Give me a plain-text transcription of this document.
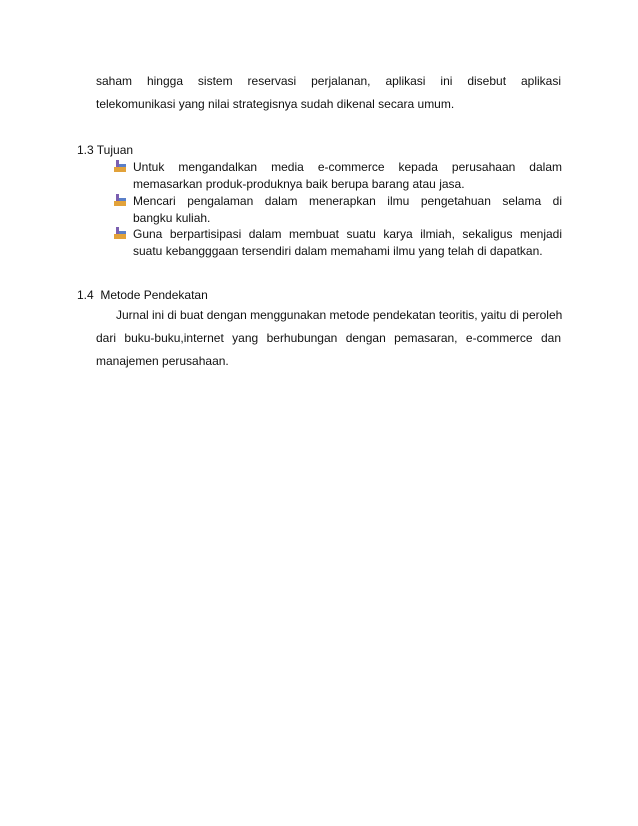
saham hingga sistem reservasi perjalanan, aplikasi ini disebut aplikasi
telekomunikasi yang nilai strategisnya sudah dikenal secara umum.
1.3 Tujuan
Untuk mengandalkan media e-commerce kepada perusahaan dalam
memasarkan produk-produknya baik berupa barang atau jasa.
Mencari pengalaman dalam menerapkan ilmu pengetahuan selama di
bangku kuliah.
Guna berpartisipasi dalam membuat suatu karya ilmiah, sekaligus menjadi
suatu kebangggaan tersendiri dalam memahami ilmu yang telah di dapatkan.
1.4  Metode Pendekatan
Jurnal ini di buat dengan menggunakan metode pendekatan teoritis, yaitu di peroleh
dari buku-buku,internet yang berhubungan dengan pemasaran, e-commerce dan
manajemen perusahaan.
